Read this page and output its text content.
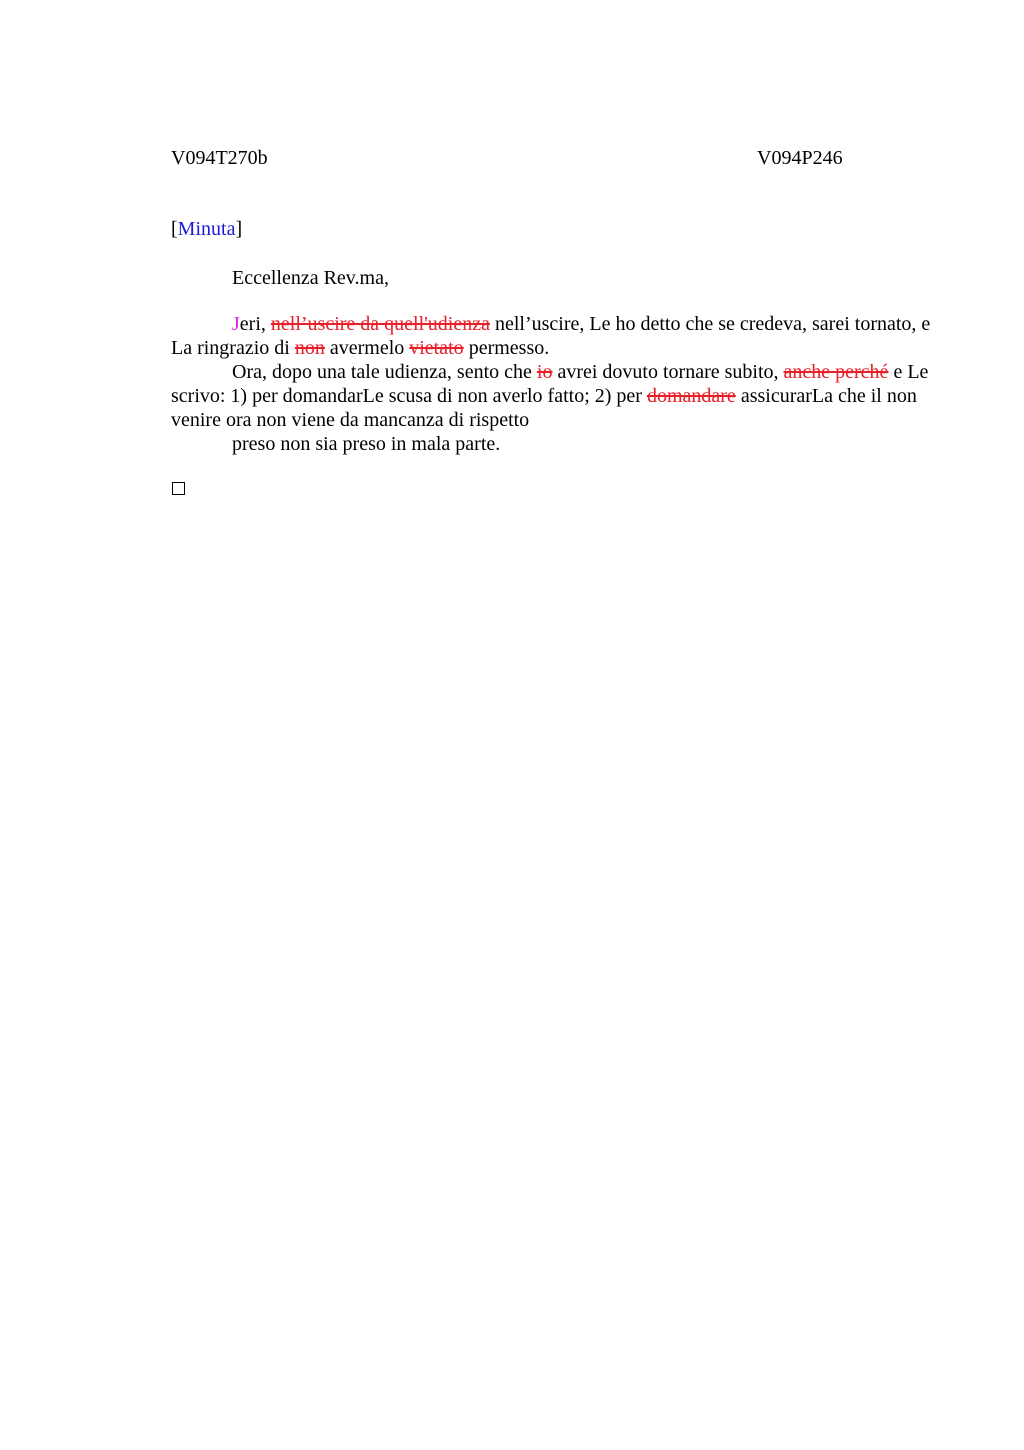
V094T270b	V094P246
[Minuta]
Eccellenza Rev.ma,

Jeri, nell’uscire da quell'udienza nell’uscire, Le ho detto che se credeva, sarei tornato, e La ringrazio di non avermelo vietato permesso.

Ora, dopo una tale udienza, sento che io avrei dovuto tornare subito, anche perché e Le scrivo: 1) per domandarLe scusa di non averlo fatto; 2) per domandare assicurarLa che il non venire ora non viene da mancanza di rispetto

preso non sia preso in mala parte.
